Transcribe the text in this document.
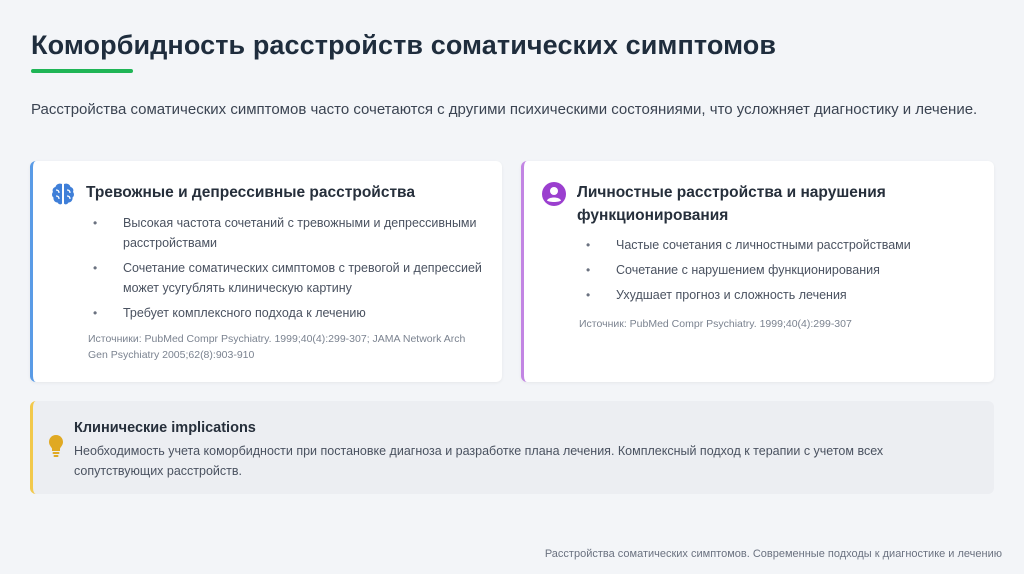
Коморбидность расстройств соматических симптомов

Расстройства соматических симптомов часто сочетаются с другими психическими состояниями, что усложняет диагностику и лечение.

Тревожные и депрессивные расстройства
• Высокая частота сочетаний с тревожными и депрессивными расстройствами
• Сочетание соматических симптомов с тревогой и депрессией может усугублять клиническую картину
• Требует комплексного подхода к лечению
Источники: PubMed Compr Psychiatry. 1999;40(4):299-307; JAMA Network Arch Gen Psychiatry 2005;62(8):903-910
Личностные расстройства и нарушения функционирования
• Частые сочетания с личностными расстройствами
• Сочетание с нарушением функционирования
• Ухудшает прогноз и сложность лечения
Источник: PubMed Compr Psychiatry. 1999;40(4):299-307
Клинические implications
Необходимость учета коморбидности при постановке диагноза и разработке плана лечения. Комплексный подход к терапии с учетом всех сопутствующих расстройств.
Расстройства соматических симптомов. Современные подходы к диагностике и лечению
